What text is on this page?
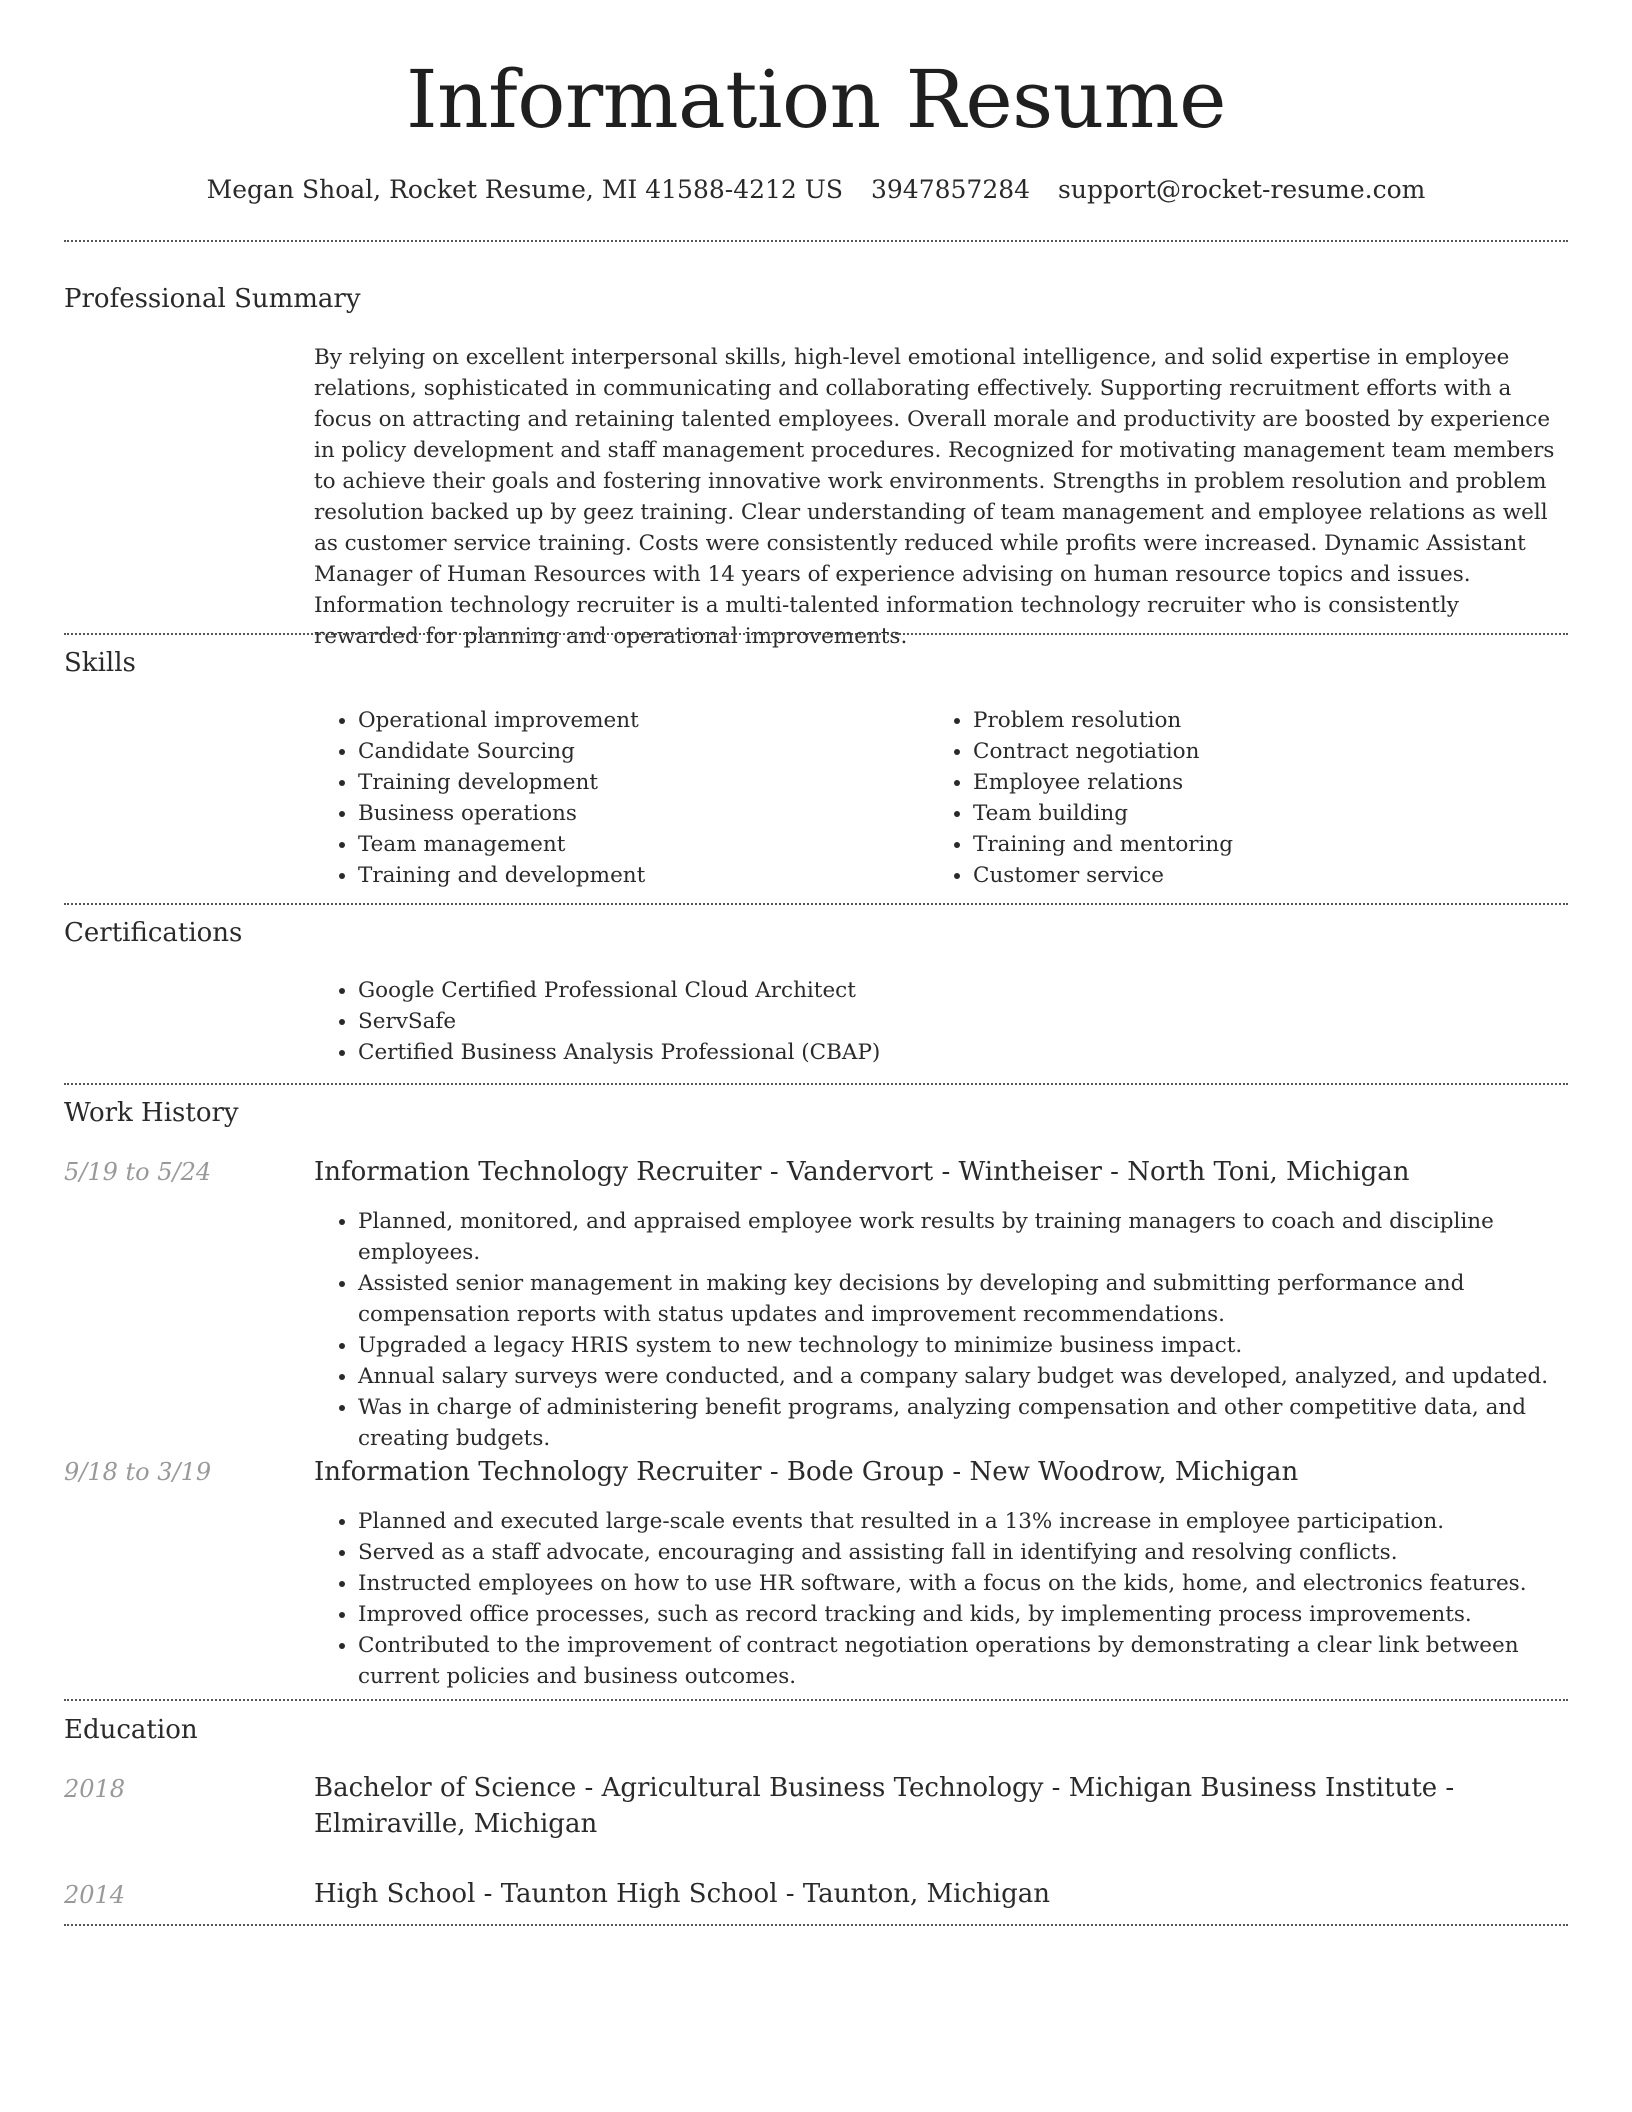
Information Resume
Megan Shoal, Rocket Resume, MI 41588-4212 US 3947857284 support@rocket-resume.com
Professional Summary

By relying on excellent interpersonal skills, high-level emotional intelligence, and solid expertise in employee relations, sophisticated in communicating and collaborating effectively. Supporting recruitment efforts with a focus on attracting and retaining talented employees. Overall morale and productivity are boosted by experience in policy development and staff management procedures. Recognized for motivating management team members to achieve their goals and fostering innovative work environments. Strengths in problem resolution and problem resolution backed up by geez training. Clear understanding of team management and employee relations as well as customer service training. Costs were consistently reduced while profits were increased. Dynamic Assistant Manager of Human Resources with 14 years of experience advising on human resource topics and issues. Information technology recruiter is a multi-talented information technology recruiter who is consistently rewarded for planning and operational improvements.

Skills
• Operational improvement
• Candidate Sourcing
• Training development
• Business operations
• Team management
• Training and development
• Problem resolution
• Contract negotiation
• Employee relations
• Team building
• Training and mentoring
• Customer service
Certifications
• Google Certified Professional Cloud Architect
• ServSafe
• Certified Business Analysis Professional (CBAP)
Work History
5/19 to 5/24	Information Technology Recruiter - Vandervort - Wintheiser - North Toni, Michigan
• Planned, monitored, and appraised employee work results by training managers to coach and discipline employees.
• Assisted senior management in making key decisions by developing and submitting performance and compensation reports with status updates and improvement recommendations.
• Upgraded a legacy HRIS system to new technology to minimize business impact.
• Annual salary surveys were conducted, and a company salary budget was developed, analyzed, and updated.
• Was in charge of administering benefit programs, analyzing compensation and other competitive data, and creating budgets.
9/18 to 3/19	Information Technology Recruiter - Bode Group - New Woodrow, Michigan
• Planned and executed large-scale events that resulted in a 13% increase in employee participation.
• Served as a staff advocate, encouraging and assisting fall in identifying and resolving conflicts.
• Instructed employees on how to use HR software, with a focus on the kids, home, and electronics features.
• Improved office processes, such as record tracking and kids, by implementing process improvements.
• Contributed to the improvement of contract negotiation operations by demonstrating a clear link between current policies and business outcomes.
Education
2018	Bachelor of Science - Agricultural Business Technology - Michigan Business Institute - Elmiraville, Michigan
2014	High School - Taunton High School - Taunton, Michigan
